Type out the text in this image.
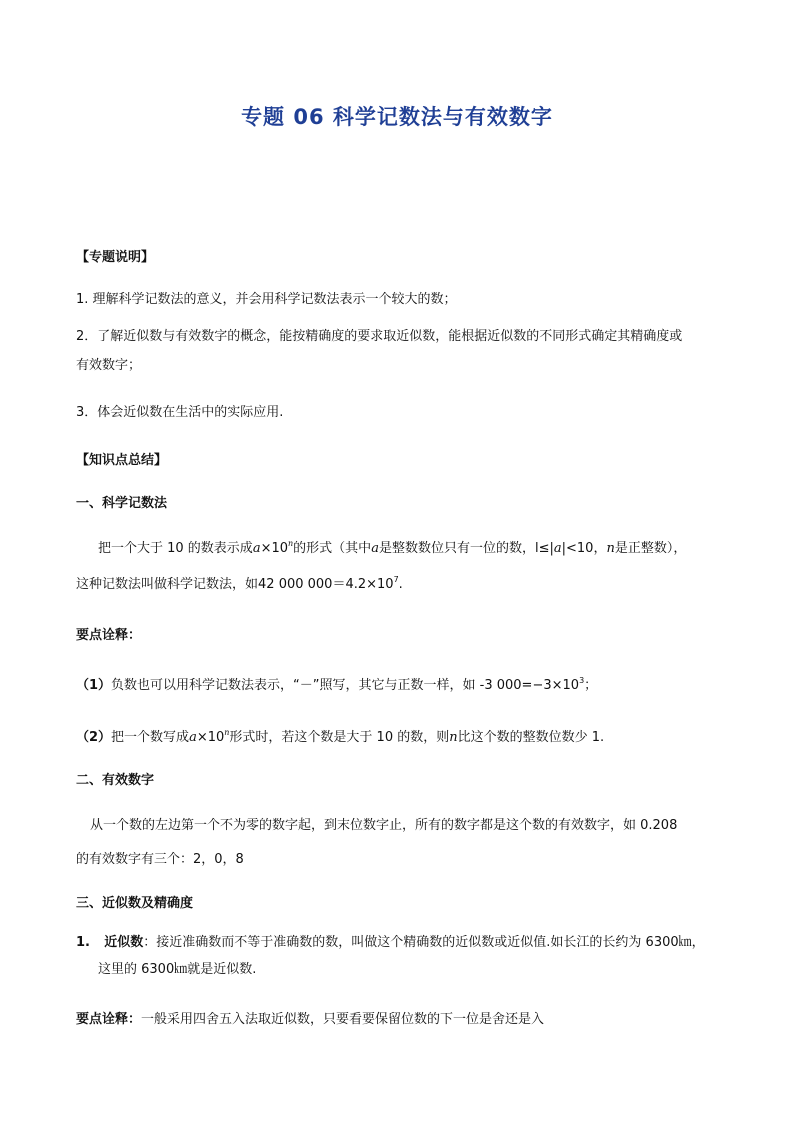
专题 06 科学记数法与有效数字
【专题说明】
1. 理解科学记数法的意义，并会用科学记数法表示一个较大的数；
2．了解近似数与有效数字的概念，能按精确度的要求取近似数，能根据近似数的不同形式确定其精确度或
有效数字；
3．体会近似数在生活中的实际应用.
【知识点总结】
一、科学记数法
把一个大于 10 的数表示成$a\times 10^n$的形式（其中a是整数数位只有一位的数，l≤|a|<10，n是正整数），
这种记数法叫做科学记数法，如42 000 $000=4.2\times 10^7$.
要点诠释：
（1）负数也可以用科学记数法表示，“－”照写，其它与正数一样，如 -3 $000=-3\times 10^3$；
（2）把一个数写成$a\times 10^n$形式时，若这个数是大于 10 的数，则n比这个数的整数位数少 1.
二、有效数字
从一个数的左边第一个不为零的数字起，到末位数字止，所有的数字都是这个数的有效数字，如 0.208
的有效数字有三个：2，0，8
三、近似数及精确度
1. 近似数：接近准确数而不等于准确数的数，叫做这个精确数的近似数或近似值.如长江的长约为 6300㎞，
这里的 6300㎞就是近似数.
要点诠释：一般采用四舍五入法取近似数，只要看要保留位数的下一位是舍还是入
